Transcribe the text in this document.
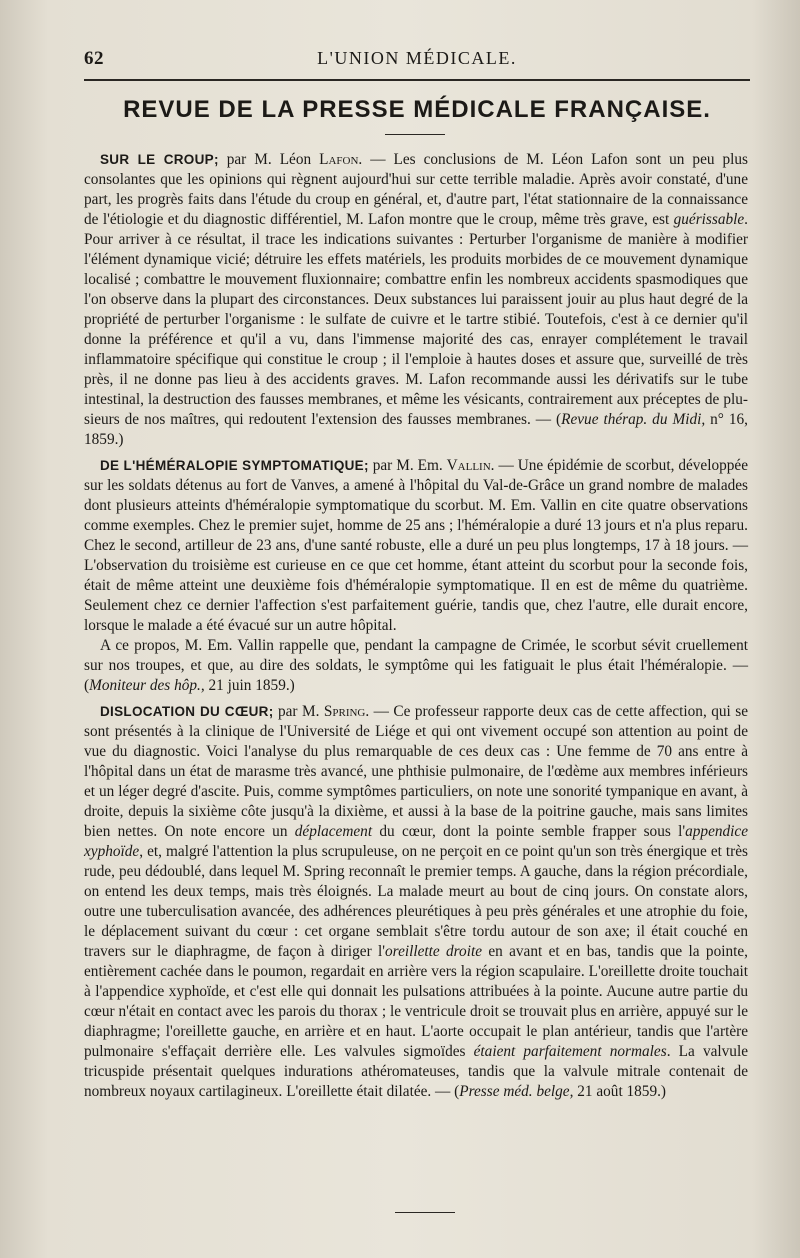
62	L'UNION MÉDICALE.
REVUE DE LA PRESSE MÉDICALE FRANÇAISE.

SUR LE CROUP; par M. Léon Lafon. — Les conclusions de M. Léon Lafon sont un peu plus consolantes que les opinions qui règnent aujourd'hui sur cette terrible maladie. Après avoir constaté, d'une part, les progrès faits dans l'étude du croup en général, et, d'autre part, l'état stationnaire de la connaissance de l'étiologie et du diagnostic différentiel, M. Lafon montre que le croup, même très grave, est guérissable. Pour arriver à ce résultat, il trace les indications suivantes : Perturber l'organisme de manière à modifier l'élément dynamique vicié; détruire les effets matériels, les produits morbides de ce mouvement dynamique localisé ; combattre le mouvement fluxionnaire; combattre enfin les nombreux accidents spasmodiques que l'on observe dans la plupart des circonstances. Deux substances lui paraissent jouir au plus haut degré de la propriété de perturber l'organisme : le sulfate de cuivre et le tartre stibié. Toutefois, c'est à ce dernier qu'il donne la préférence et qu'il a vu, dans l'immense majorité des cas, enrayer complétement le travail inflammatoire spécifique qui constitue le croup ; il l'emploie à hautes doses et assure que, surveillé de très près, il ne donne pas lieu à des accidents graves. M. Lafon recommande aussi les dérivatifs sur le tube intestinal, la destruction des fausses membranes, et même les vésicants, contrairement aux préceptes de plusieurs de nos maîtres, qui redoutent l'extension des fausses membranes. — (Revue thérap. du Midi, n° 16, 1859.)

DE L'HÉMÉRALOPIE SYMPTOMATIQUE; par M. Em. Vallin. — Une épidémie de scorbut, développée sur les soldats détenus au fort de Vanves, a amené à l'hôpital du Val-de-Grâce un grand nombre de malades dont plusieurs atteints d'héméralopie symptomatique du scorbut. M. Em. Vallin en cite quatre observations comme exemples. Chez le premier sujet, homme de 25 ans ; l'héméralopie a duré 13 jours et n'a plus reparu. Chez le second, artilleur de 23 ans, d'une santé robuste, elle a duré un peu plus longtemps, 17 à 18 jours. — L'observation du troisième est curieuse en ce que cet homme, étant atteint du scorbut pour la seconde fois, était de même atteint une deuxième fois d'héméralopie symptomatique. Il en est de même du quatrième. Seulement chez ce dernier l'affection s'est parfaitement guérie, tandis que, chez l'autre, elle durait encore, lorsque le malade a été évacué sur un autre hôpital.

A ce propos, M. Em. Vallin rappelle que, pendant la campagne de Crimée, le scorbut sévit cruellement sur nos troupes, et que, au dire des soldats, le symptôme qui les fatiguait le plus était l'héméralopie. — (Moniteur des hôp., 21 juin 1859.)

DISLOCATION DU CŒUR; par M. Spring. — Ce professeur rapporte deux cas de cette affection, qui se sont présentés à la clinique de l'Université de Liége et qui ont vivement occupé son attention au point de vue du diagnostic. Voici l'analyse du plus remarquable de ces deux cas : Une femme de 70 ans entre à l'hôpital dans un état de marasme très avancé, une phthisie pulmonaire, de l'œdème aux membres inférieurs et un léger degré d'ascite. Puis, comme symptômes particuliers, on note une sonorité tympanique en avant, à droite, depuis la sixième côte jusqu'à la dixième, et aussi à la base de la poitrine gauche, mais sans limites bien nettes. On note encore un déplacement du cœur, dont la pointe semble frapper sous l'appendice xyphoïde, et, malgré l'attention la plus scrupuleuse, on ne perçoit en ce point qu'un son très énergique et très rude, peu dédoublé, dans lequel M. Spring reconnaît le premier temps. A gauche, dans la région précordiale, on entend les deux temps, mais très éloignés. La malade meurt au bout de cinq jours. On constate alors, outre une tuberculisation avancée, des adhérences pleurétiques à peu près générales et une atrophie du foie, le déplacement suivant du cœur : cet organe semblait s'être tordu autour de son axe; il était couché en travers sur le diaphragme, de façon à diriger l'oreillette droite en avant et en bas, tandis que la pointe, entièrement cachée dans le poumon, regardait en arrière vers la région scapulaire. L'oreillette droite touchait à l'appendice xyphoïde, et c'est elle qui donnait les pulsations attribuées à la pointe. Aucune autre partie du cœur n'était en contact avec les parois du thorax ; le ventricule droit se trouvait plus en arrière, appuyé sur le diaphragme; l'oreillette gauche, en arrière et en haut. L'aorte occupait le plan antérieur, tandis que l'artère pulmonaire s'effaçait derrière elle. Les valvules sigmoïdes étaient parfaitement normales. La valvule tricuspide présentait quelques indurations athéromateuses, tandis que la valvule mitrale contenait de nombreux noyaux cartilagineux. L'oreillette était dilatée. — (Presse méd. belge, 21 août 1859.)
